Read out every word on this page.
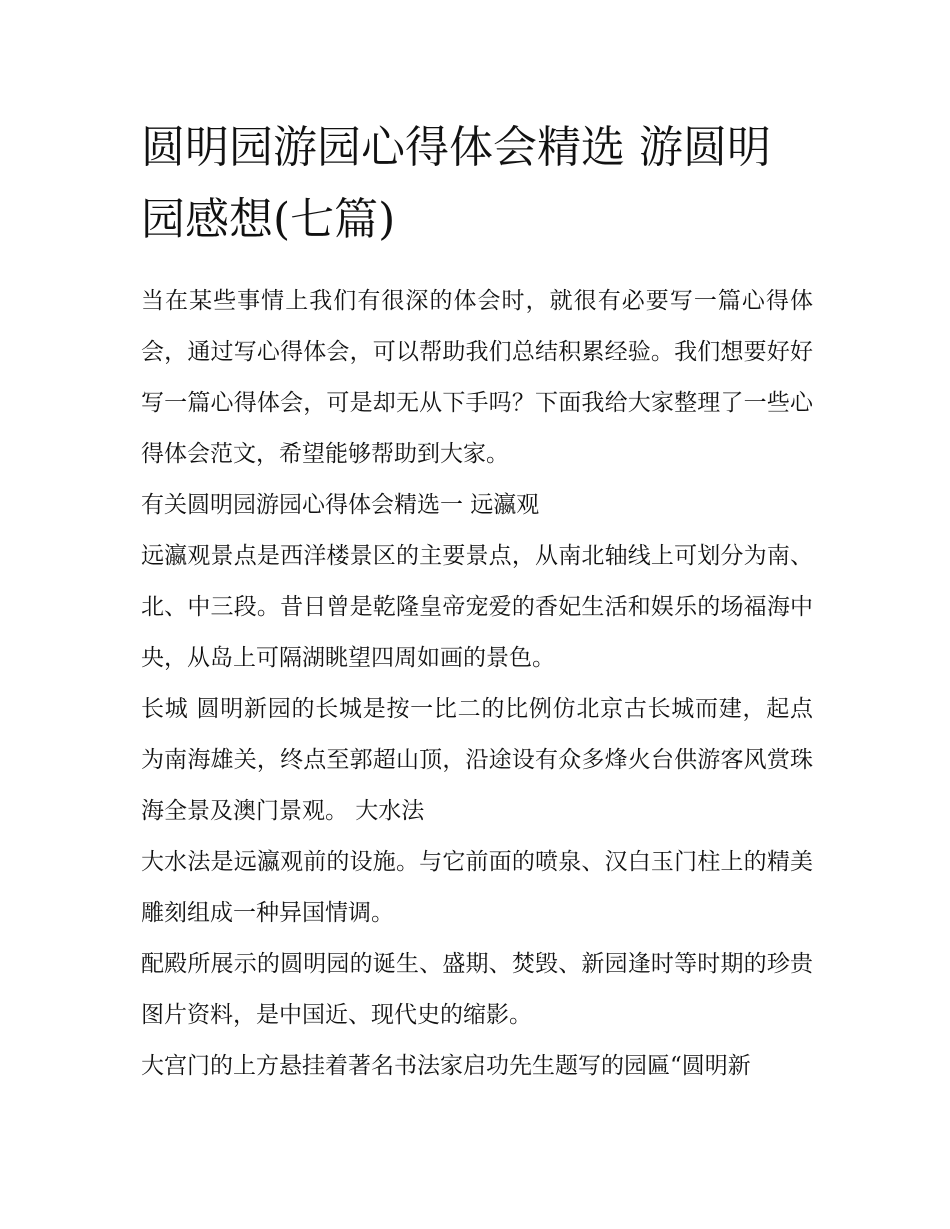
圆明园游园心得体会精选 游圆明园感想(七篇)

当在某些事情上我们有很深的体会时，就很有必要写一篇心得体会，通过写心得体会，可以帮助我们总结积累经验。我们想要好好写一篇心得体会，可是却无从下手吗？下面我给大家整理了一些心得体会范文，希望能够帮助到大家。

有关圆明园游园心得体会精选一 远瀛观

远瀛观景点是西洋楼景区的主要景点，从南北轴线上可划分为南、北、中三段。昔日曾是乾隆皇帝宠爱的香妃生活和娱乐的场福海中央，从岛上可隔湖眺望四周如画的景色。

长城 圆明新园的长城是按一比二的比例仿北京古长城而建，起点为南海雄关，终点至郭超山顶，沿途设有众多烽火台供游客风赏珠海全景及澳门景观。 大水法

大水法是远瀛观前的设施。与它前面的喷泉、汉白玉门柱上的精美雕刻组成一种异国情调。

配殿所展示的圆明园的诞生、盛期、焚毁、新园逢时等时期的珍贵图片资料，是中国近、现代史的缩影。

大宫门的上方悬挂着著名书法家启功先生题写的园匾“圆明新
